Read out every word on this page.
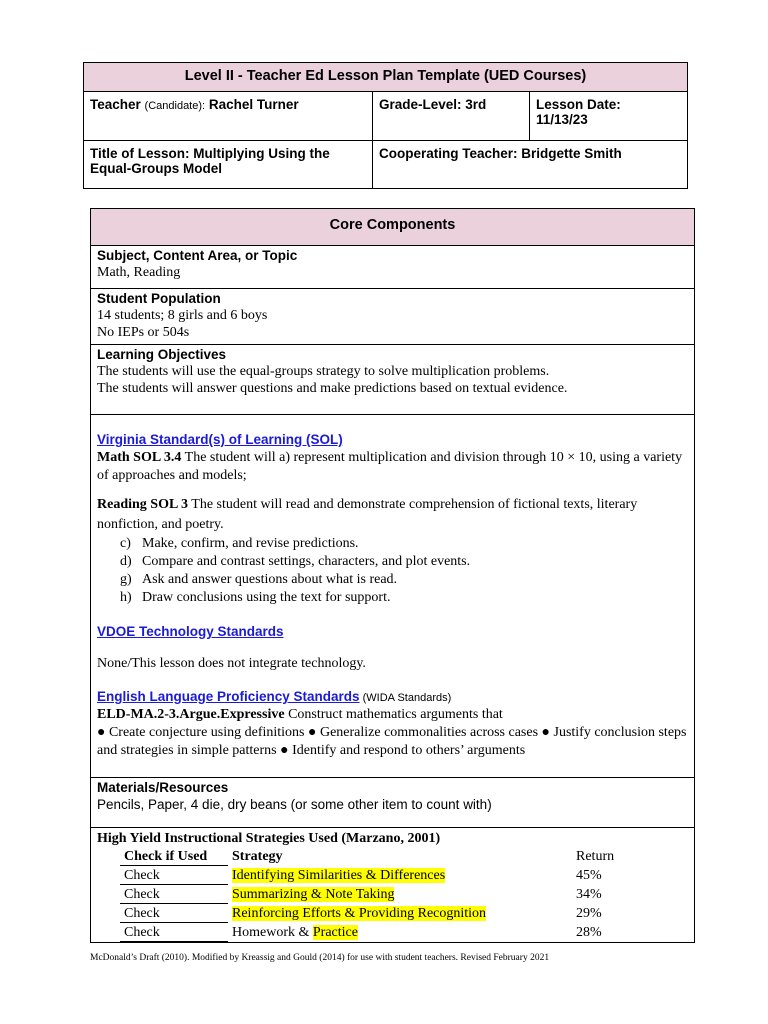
Level II - Teacher Ed Lesson Plan Template (UED Courses)		
Teacher (Candidate): Rachel Turner	Grade-Level: 3rd	Lesson Date:
11/13/23

Title of Lesson: Multiplying Using the
Equal-Groups Model	Cooperating Teacher: Bridgette Smith	
Core Components

Subject, Content Area, or Topic
Math, Reading

Student Population
14 students; 8 girls and 6 boys
No IEPs or 504s

Learning Objectives
The students will use the equal-groups strategy to solve multiplication problems.
The students will answer questions and make predictions based on textual evidence.

Virginia Standard(s) of Learning (SOL)
Math SOL 3.4 The student will a) represent multiplication and division through 10 × 10, using a variety of approaches and models;
Reading SOL 3 The student will read and demonstrate comprehension of fictional texts, literary nonfiction, and poetry.
c) Make, confirm, and revise predictions.
d) Compare and contrast settings, characters, and plot events.
g) Ask and answer questions about what is read.
h) Draw conclusions using the text for support.
VDOE Technology Standards
None/This lesson does not integrate technology.
English Language Proficiency Standards (WIDA Standards)
ELD-MA.2-3.Argue.Expressive Construct mathematics arguments that
● Create conjecture using definitions ● Generalize commonalities across cases ● Justify conclusion steps and strategies in simple patterns ● Identify and respond to others’ arguments

Materials/Resources
Pencils, Paper, 4 die, dry beans (or some other item to count with)

High Yield Instructional Strategies Used (Marzano, 2001)
Check if Used	Strategy	Return
Check	Identifying Similarities & Differences	45%
Check	Summarizing & Note Taking	34%
Check	Reinforcing Efforts & Providing Recognition	29%
Check	Homework & Practice	28%
McDonald’s Draft (2010). Modified by Kreassig and Gould (2014) for use with student teachers. Revised February 2021
